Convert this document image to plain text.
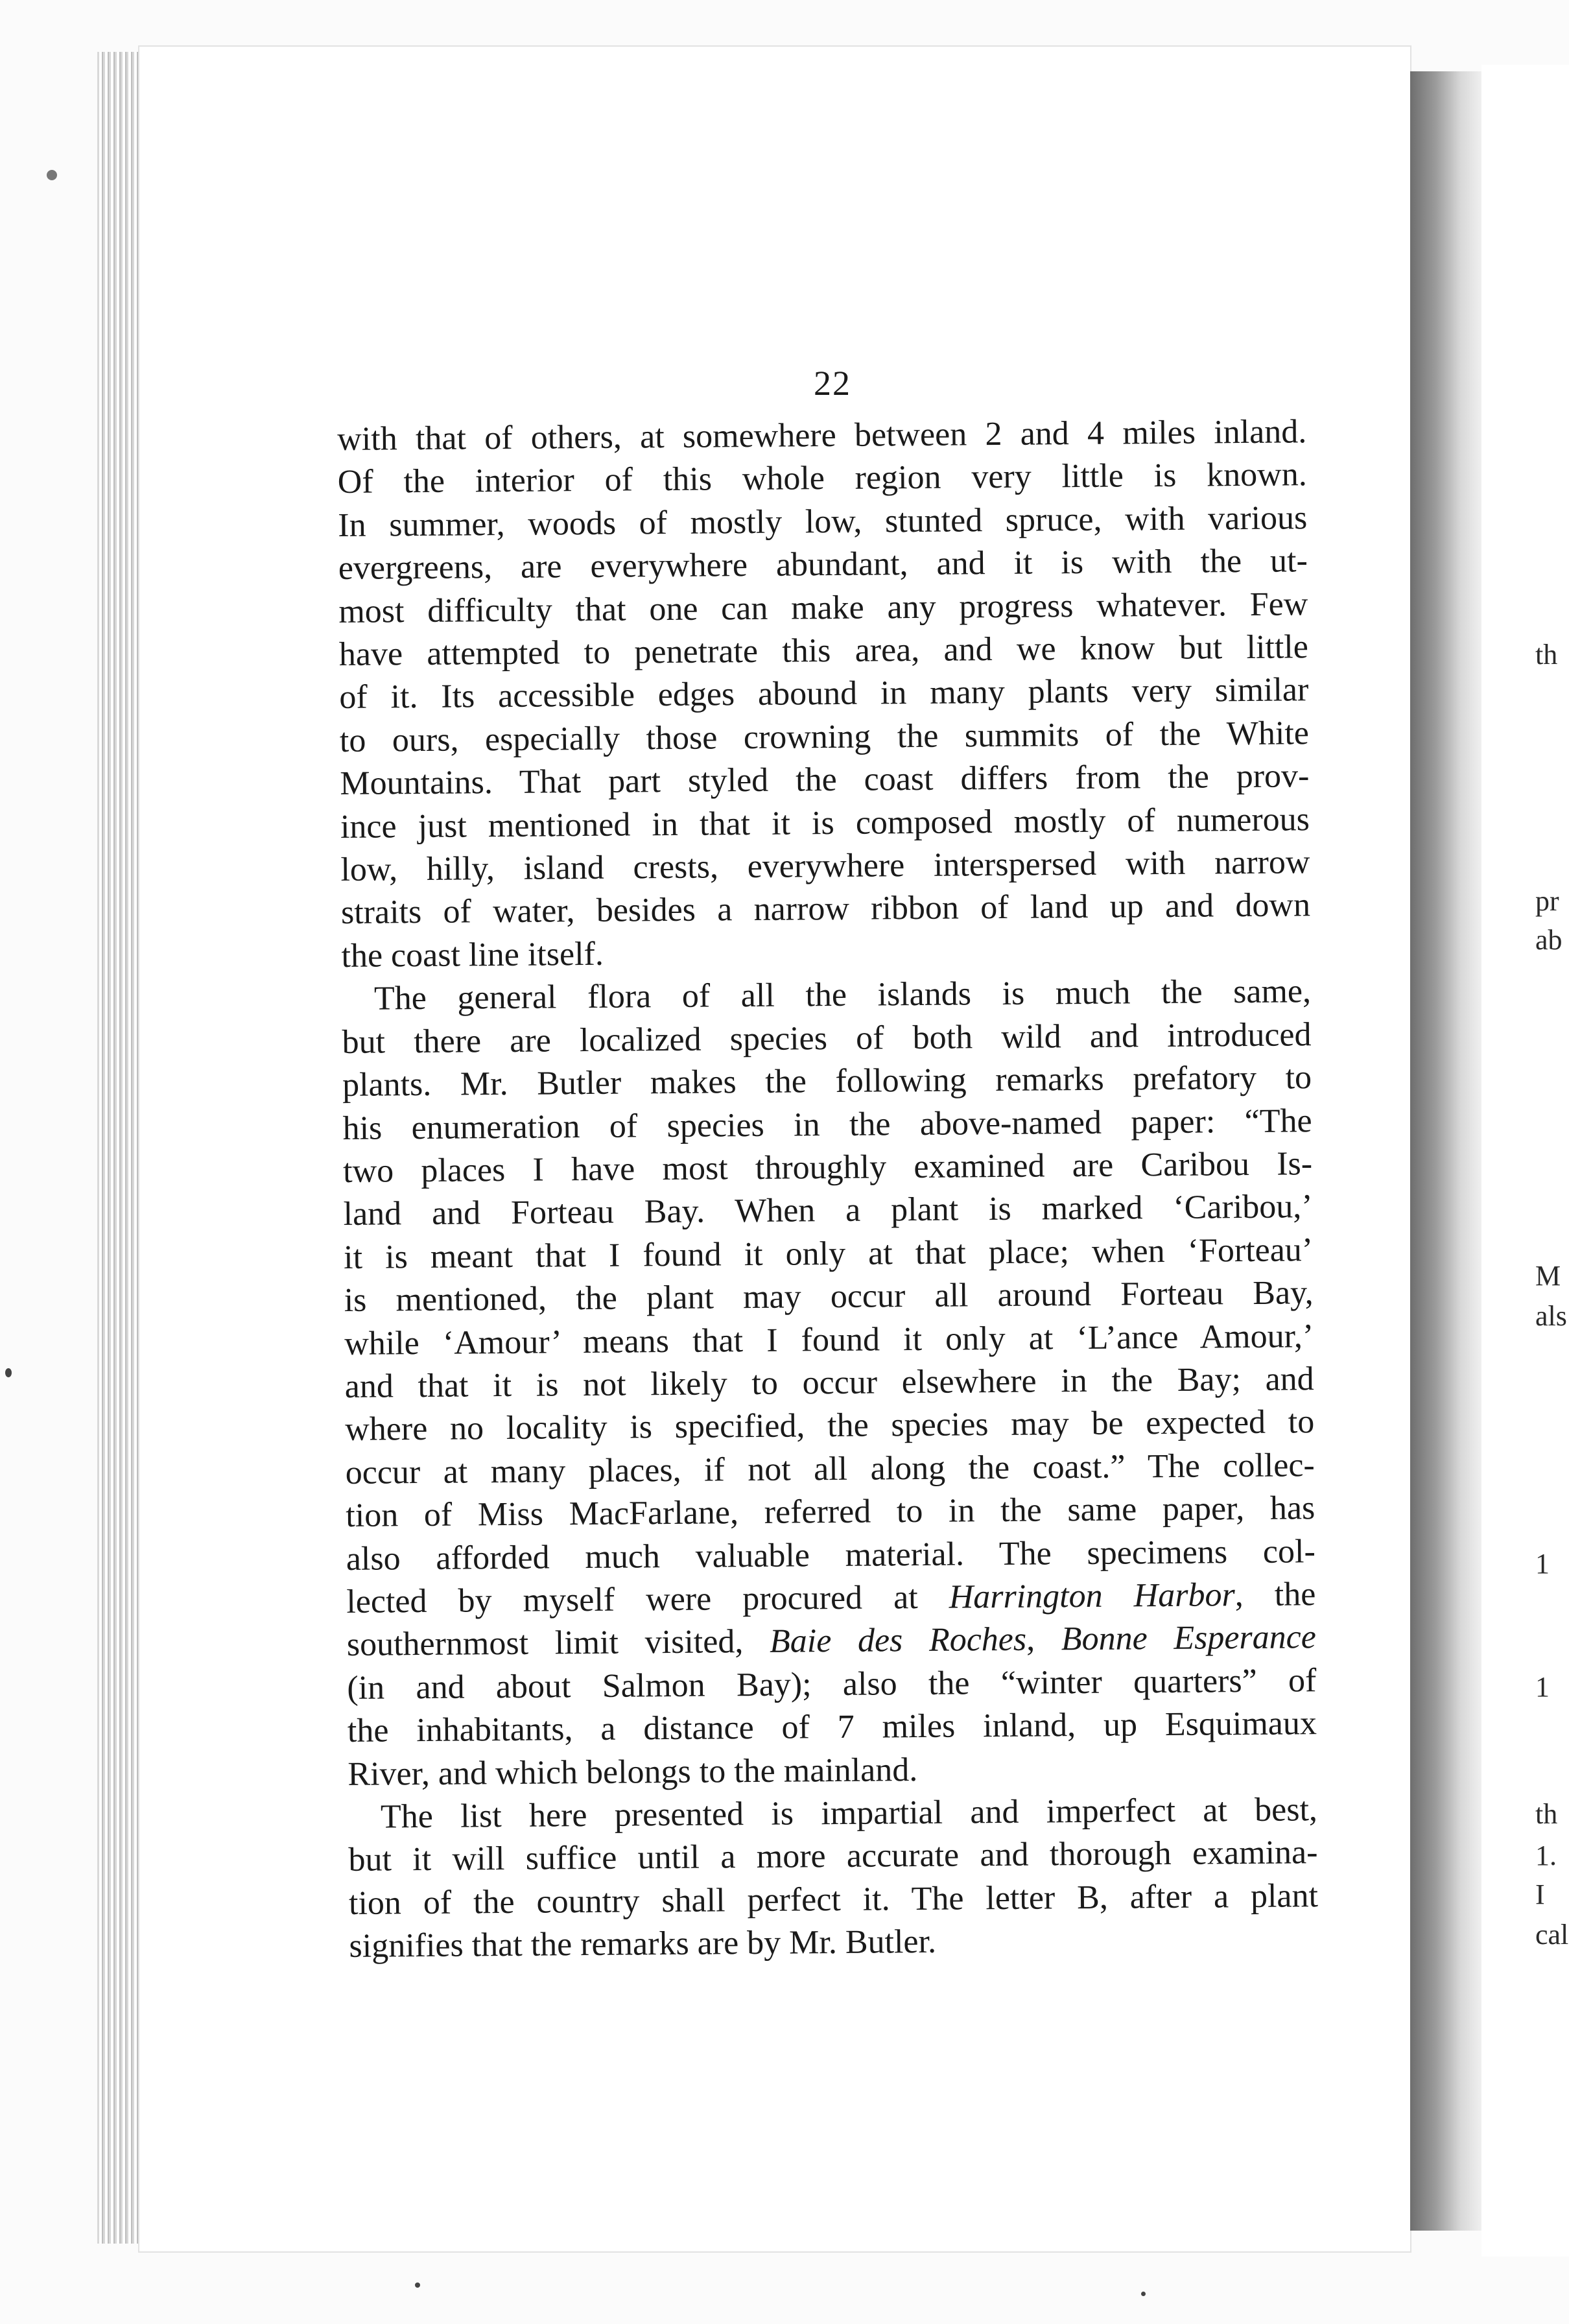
th
pr
ab
M
als
1
1
th
1.
I
cal
22
with that of others, at somewhere between 2 and 4 miles inland.
Of the interior of this whole region very little is known.
In summer, woods of mostly low, stunted spruce, with various
evergreens, are everywhere abundant, and it is with the ut-
most difficulty that one can make any progress whatever. Few
have attempted to penetrate this area, and we know but little
of it. Its accessible edges abound in many plants very similar
to ours, especially those crowning the summits of the White
Mountains. That part styled the coast differs from the prov-
ince just mentioned in that it is composed mostly of numerous
low, hilly, island crests, everywhere interspersed with narrow
straits of water, besides a narrow ribbon of land up and down
the coast line itself.
The general flora of all the islands is much the same,
but there are localized species of both wild and introduced
plants. Mr. Butler makes the following remarks prefatory to
his enumeration of species in the above-named paper: “The
two places I have most throughly examined are Caribou Is-
land and Forteau Bay. When a plant is marked ‘Caribou,’
it is meant that I found it only at that place; when ‘Forteau’
is mentioned, the plant may occur all around Forteau Bay,
while ‘Amour’ means that I found it only at ‘L’ance Amour,’
and that it is not likely to occur elsewhere in the Bay; and
where no locality is specified, the species may be expected to
occur at many places, if not all along the coast.” The collec-
tion of Miss MacFarlane, referred to in the same paper, has
also afforded much valuable material. The specimens col-
lected by myself were procured at Harrington Harbor, the
southernmost limit visited, Baie des Roches, Bonne Esperance
(in and about Salmon Bay); also the “winter quarters” of
the inhabitants, a distance of 7 miles inland, up Esquimaux
River, and which belongs to the mainland.
The list here presented is impartial and imperfect at best,
but it will suffice until a more accurate and thorough examina-
tion of the country shall perfect it. The letter B, after a plant
signifies that the remarks are by Mr. Butler.
